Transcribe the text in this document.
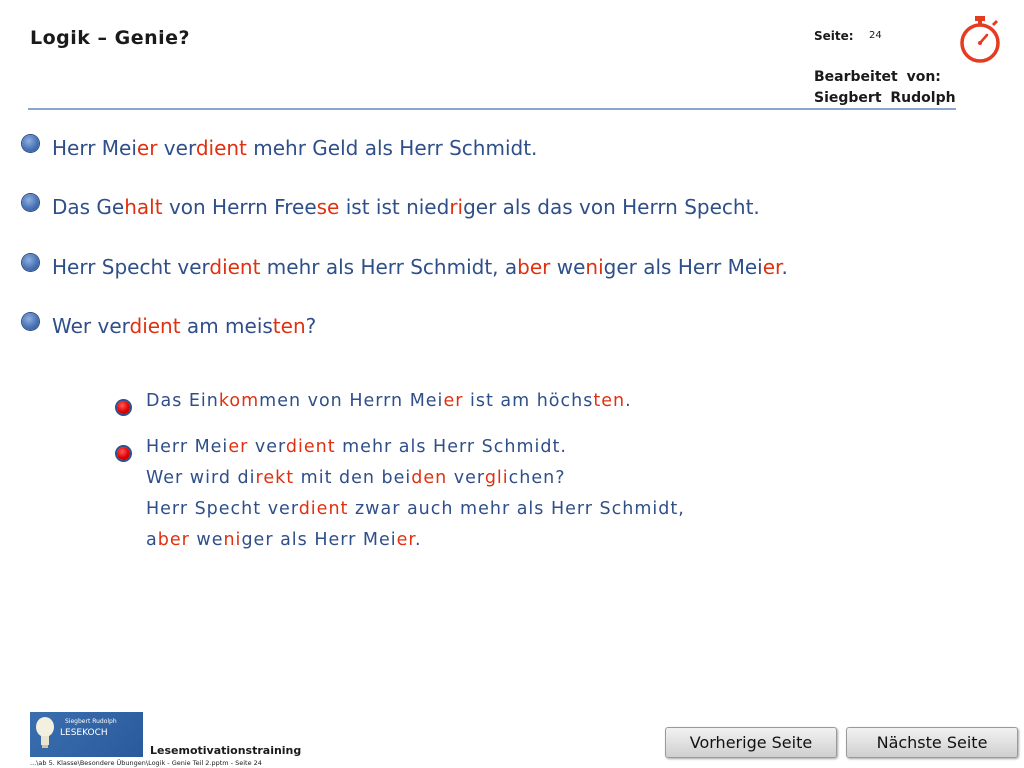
Logik – Genie?	Seite: 24
Bearbeitet von:
Siegbert Rudolph
Herr Meier verdient mehr Geld als Herr Schmidt.
Das Gehalt von Herrn Freese ist ist niedriger als das von Herrn Specht.
Herr Specht verdient mehr als Herr Schmidt, aber weniger als Herr Meier.
Wer verdient am meisten?
Das Einkommen von Herrn Meier ist am höchsten.
Herr Meier verdient mehr als Herr Schmidt.
Wer wird direkt mit den beiden verglichen?
Herr Specht verdient zwar auch mehr als Herr Schmidt,
aber weniger als Herr Meier.
Siegbert Rudolph
LESEKOCH
Lesemotivationstraining
...\ab 5. Klasse\Besondere Übungen\Logik - Genie Teil 2.pptm - Seite 24
Vorherige Seite	Nächste Seite
